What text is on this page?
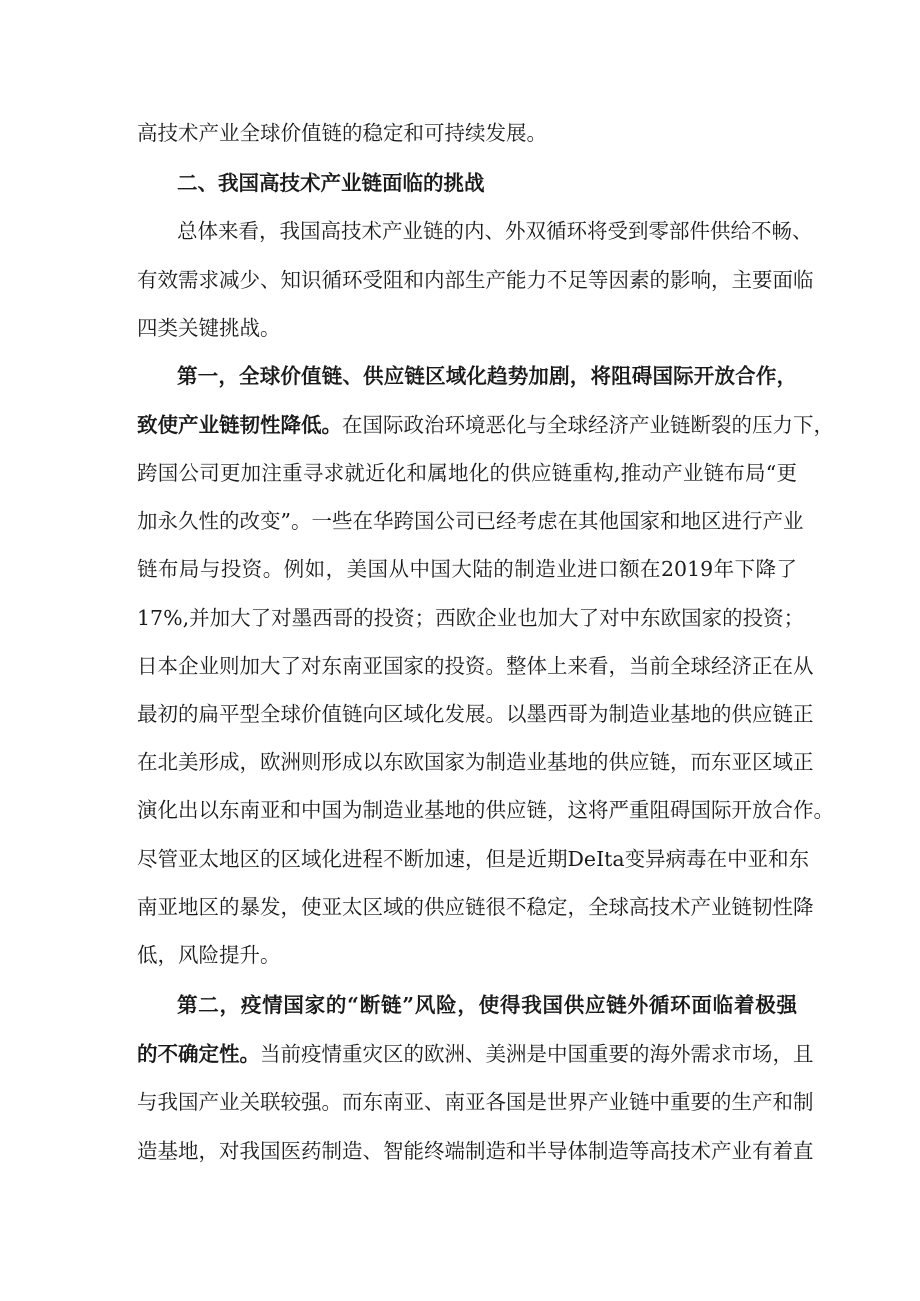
高技术产业全球价值链的稳定和可持续发展。
二、我国高技术产业链面临的挑战
总体来看，我国高技术产业链的内、外双循环将受到零部件供给不畅、
有效需求减少、知识循环受阻和内部生产能力不足等因素的影响，主要面临
四类关键挑战。
第一，全球价值链、供应链区域化趋势加剧，将阻碍国际开放合作，
致使产业链韧性降低。在国际政治环境恶化与全球经济产业链断裂的压力下，
跨国公司更加注重寻求就近化和属地化的供应链重构,推动产业链布局“更
加永久性的改变”。一些在华跨国公司已经考虑在其他国家和地区进行产业
链布局与投资。例如，美国从中国大陆的制造业进口额在2019年下降了
17%,并加大了对墨西哥的投资；西欧企业也加大了对中东欧国家的投资；
日本企业则加大了对东南亚国家的投资。整体上来看，当前全球经济正在从
最初的扁平型全球价值链向区域化发展。以墨西哥为制造业基地的供应链正
在北美形成，欧洲则形成以东欧国家为制造业基地的供应链，而东亚区域正
演化出以东南亚和中国为制造业基地的供应链，这将严重阻碍国际开放合作。
尽管亚太地区的区域化进程不断加速，但是近期DeIta变异病毒在中亚和东
南亚地区的暴发，使亚太区域的供应链很不稳定，全球高技术产业链韧性降
低，风险提升。
第二，疫情国家的“断链”风险，使得我国供应链外循环面临着极强
的不确定性。当前疫情重灾区的欧洲、美洲是中国重要的海外需求市场，且
与我国产业关联较强。而东南亚、南亚各国是世界产业链中重要的生产和制
造基地，对我国医药制造、智能终端制造和半导体制造等高技术产业有着直
